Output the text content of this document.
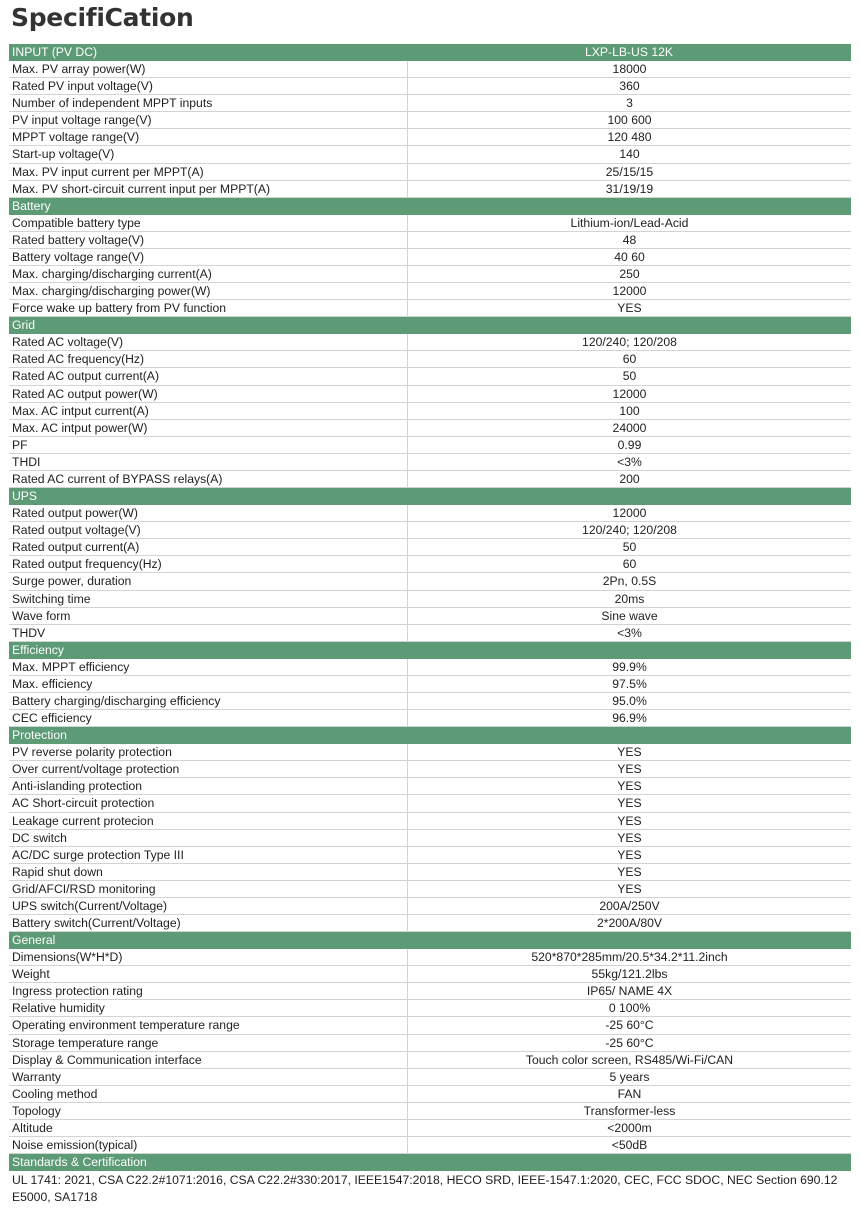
SpecifiCation
INPUT (PV DC)	LXP-LB-US 12K
Max. PV array power(W)	18000
Rated PV input voltage(V)	360
Number of independent MPPT inputs	3
PV input voltage range(V)	100 600
MPPT voltage range(V)	120 480
Start-up voltage(V)	140
Max. PV input current per MPPT(A)	25/15/15
Max. PV short-circuit current input per MPPT(A)	31/19/19
Battery
Compatible battery type	Lithium-ion/Lead-Acid
Rated battery voltage(V)	48
Battery voltage range(V)	40 60
Max. charging/discharging current(A)	250
Max. charging/discharging power(W)	12000
Force wake up battery from PV function	YES
Grid
Rated AC voltage(V)	120/240; 120/208
Rated AC frequency(Hz)	60
Rated AC output current(A)	50
Rated AC output power(W)	12000
Max. AC intput current(A)	100
Max. AC intput power(W)	24000
PF	0.99
THDI	<3%
Rated AC current of BYPASS relays(A)	200
UPS
Rated output power(W)	12000
Rated output voltage(V)	120/240; 120/208
Rated output current(A)	50
Rated output frequency(Hz)	60
Surge power, duration	2Pn, 0.5S
Switching time	20ms
Wave form	Sine wave
THDV	<3%
Efficiency
Max. MPPT efficiency	99.9%
Max. efficiency	97.5%
Battery charging/discharging efficiency	95.0%
CEC efficiency	96.9%
Protection
PV reverse polarity protection	YES
Over current/voltage protection	YES
Anti-islanding protection	YES
AC Short-circuit protection	YES
Leakage current protecion	YES
DC switch	YES
AC/DC surge protection Type III	YES
Rapid shut down	YES
Grid/AFCI/RSD monitoring	YES
UPS switch(Current/Voltage)	200A/250V
Battery switch(Current/Voltage)	2*200A/80V
General
Dimensions(W*H*D)	520*870*285mm/20.5*34.2*11.2inch
Weight	55kg/121.2lbs
Ingress protection rating	IP65/ NAME 4X
Relative humidity	0 100%
Operating environment temperature range	-25 60°C
Storage temperature range	-25 60°C
Display & Communication interface	Touch color screen, RS485/Wi-Fi/CAN
Warranty	5 years
Cooling method	FAN
Topology	Transformer-less
Altitude	<2000m
Noise emission(typical)	<50dB
Standards & Certification
UL 1741: 2021, CSA C22.2#1071:2016, CSA C22.2#330:2017, IEEE1547:2018, HECO SRD, IEEE-1547.1:2020, CEC, FCC SDOC, NEC Section 690.12
E5000, SA1718
